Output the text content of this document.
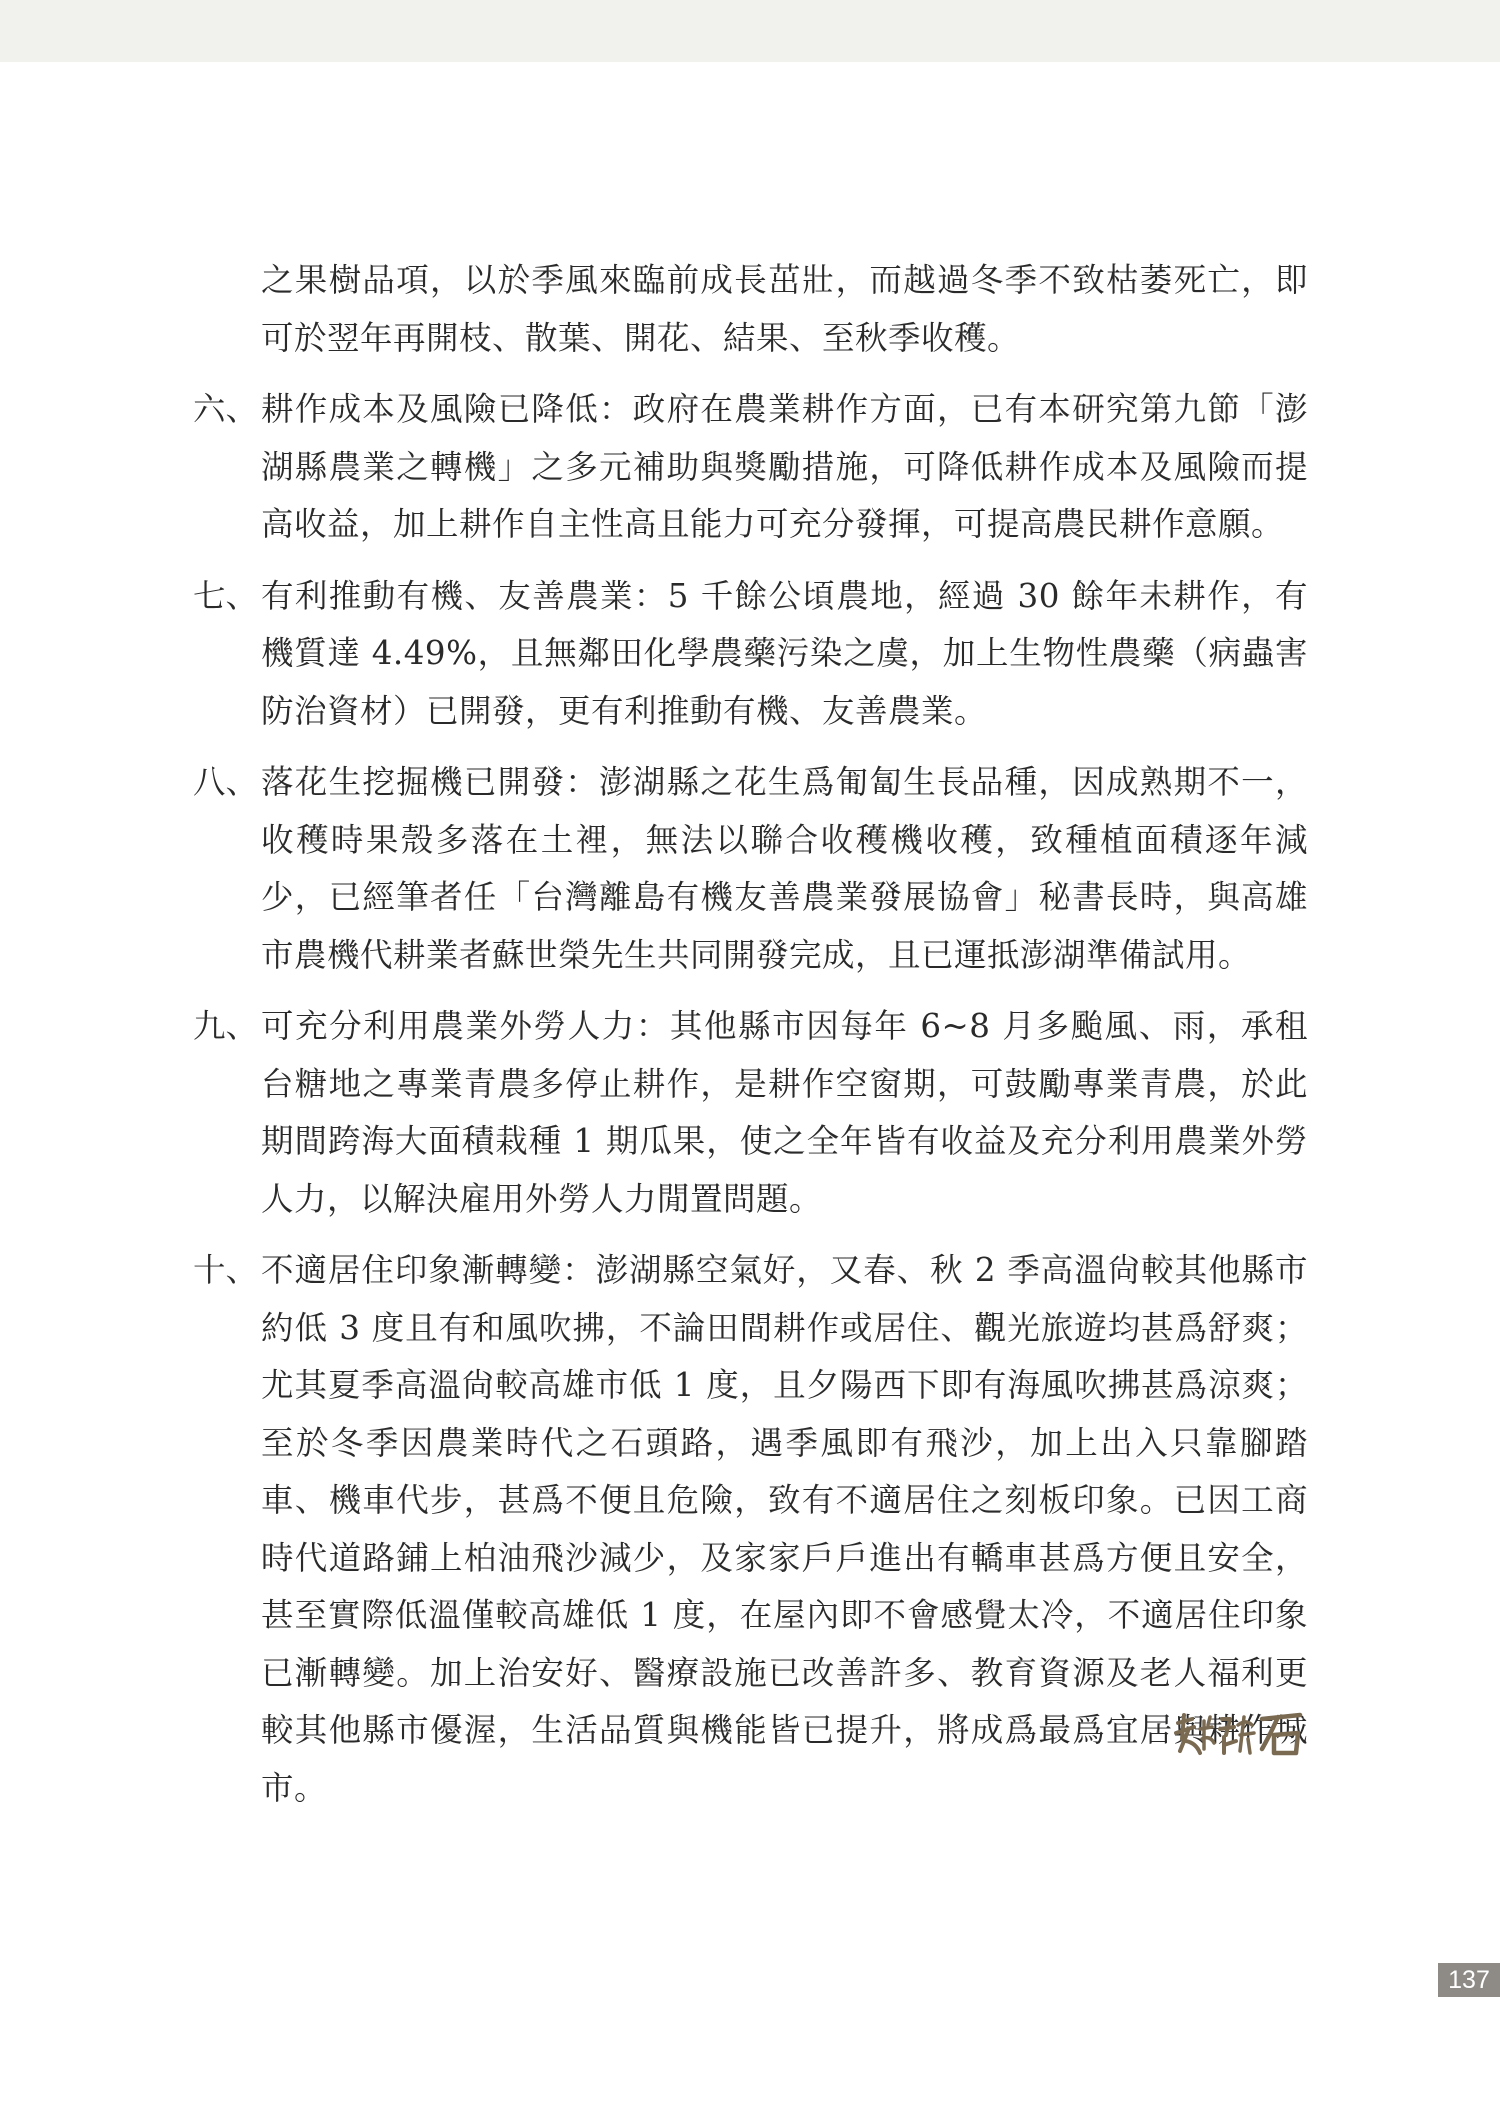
之果樹品項，以於季風來臨前成長茁壯，而越過冬季不致枯萎死亡，即可於翌年再開枝、散葉、開花、結果、至秋季收穫。
六、 耕作成本及風險已降低：政府在農業耕作方面，已有本研究第九節「澎湖縣農業之轉機」之多元補助與獎勵措施，可降低耕作成本及風險而提高收益，加上耕作自主性高且能力可充分發揮，可提高農民耕作意願。
七、 有利推動有機、友善農業：5 千餘公頃農地，經過 30 餘年未耕作，有機質達 4.49%，且無鄰田化學農藥污染之虞，加上生物性農藥（病蟲害防治資材）已開發，更有利推動有機、友善農業。
八、 落花生挖掘機已開發：澎湖縣之花生爲匍匐生長品種，因成熟期不一，收穫時果殼多落在土裡，無法以聯合收穫機收穫，致種植面積逐年減少，已經筆者任「台灣離島有機友善農業發展協會」秘書長時，與高雄市農機代耕業者蘇世榮先生共同開發完成，且已運抵澎湖準備試用。
九、 可充分利用農業外勞人力：其他縣市因每年 6~8 月多颱風、雨，承租台糖地之專業青農多停止耕作，是耕作空窗期，可鼓勵專業青農，於此期間跨海大面積栽種 1 期瓜果，使之全年皆有收益及充分利用農業外勞人力，以解決雇用外勞人力閒置問題。
十、 不適居住印象漸轉變：澎湖縣空氣好，又春、秋 2 季高溫尙較其他縣市約低 3 度且有和風吹拂，不論田間耕作或居住、觀光旅遊均甚爲舒爽；尤其夏季高溫尙較高雄市低 1 度，且夕陽西下即有海風吹拂甚爲涼爽；至於冬季因農業時代之石頭路，遇季風即有飛沙，加上出入只靠腳踏車、機車代步，甚爲不便且危險，致有不適居住之刻板印象。已因工商時代道路鋪上柏油飛沙減少，及家家戶戶進出有轎車甚爲方便且安全，甚至實際低溫僅較高雄低 1 度，在屋內即不會感覺太冷，不適居住印象已漸轉變。加上治安好、醫療設施已改善許多、教育資源及老人福利更較其他縣市優渥，生活品質與機能皆已提升，將成爲最爲宜居與耕作城市。
137
